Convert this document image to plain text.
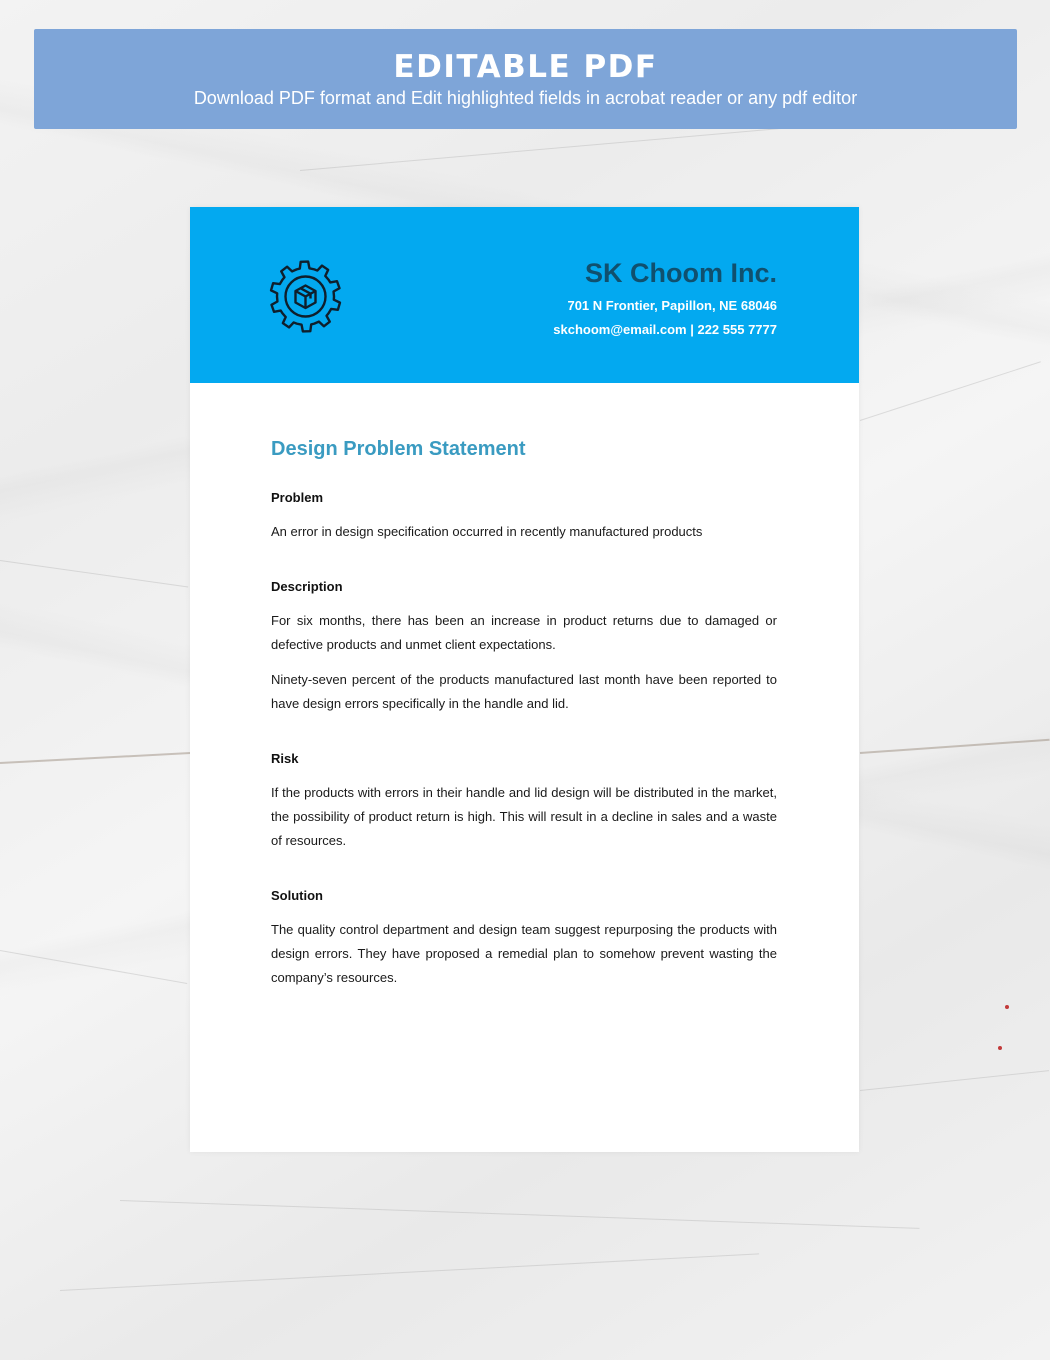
EDITABLE PDF
Download PDF format and Edit highlighted fields in acrobat reader or any pdf editor
SK Choom Inc.
701 N Frontier, Papillon, NE 68046
skchoom@email.com | 222 555 7777
Design Problem Statement
Problem

An error in design specification occurred in recently manufactured products

Description

For six months, there has been an increase in product returns due to damaged or defective products and unmet client expectations.

Ninety-seven percent of the products manufactured last month have been reported to have design errors specifically in the handle and lid.

Risk

If the products with errors in their handle and lid design will be distributed in the market, the possibility of product return is high. This will result in a decline in sales and a waste of resources.

Solution

The quality control department and design team suggest repurposing the products with design errors. They have proposed a remedial plan to somehow prevent wasting the company’s resources.
